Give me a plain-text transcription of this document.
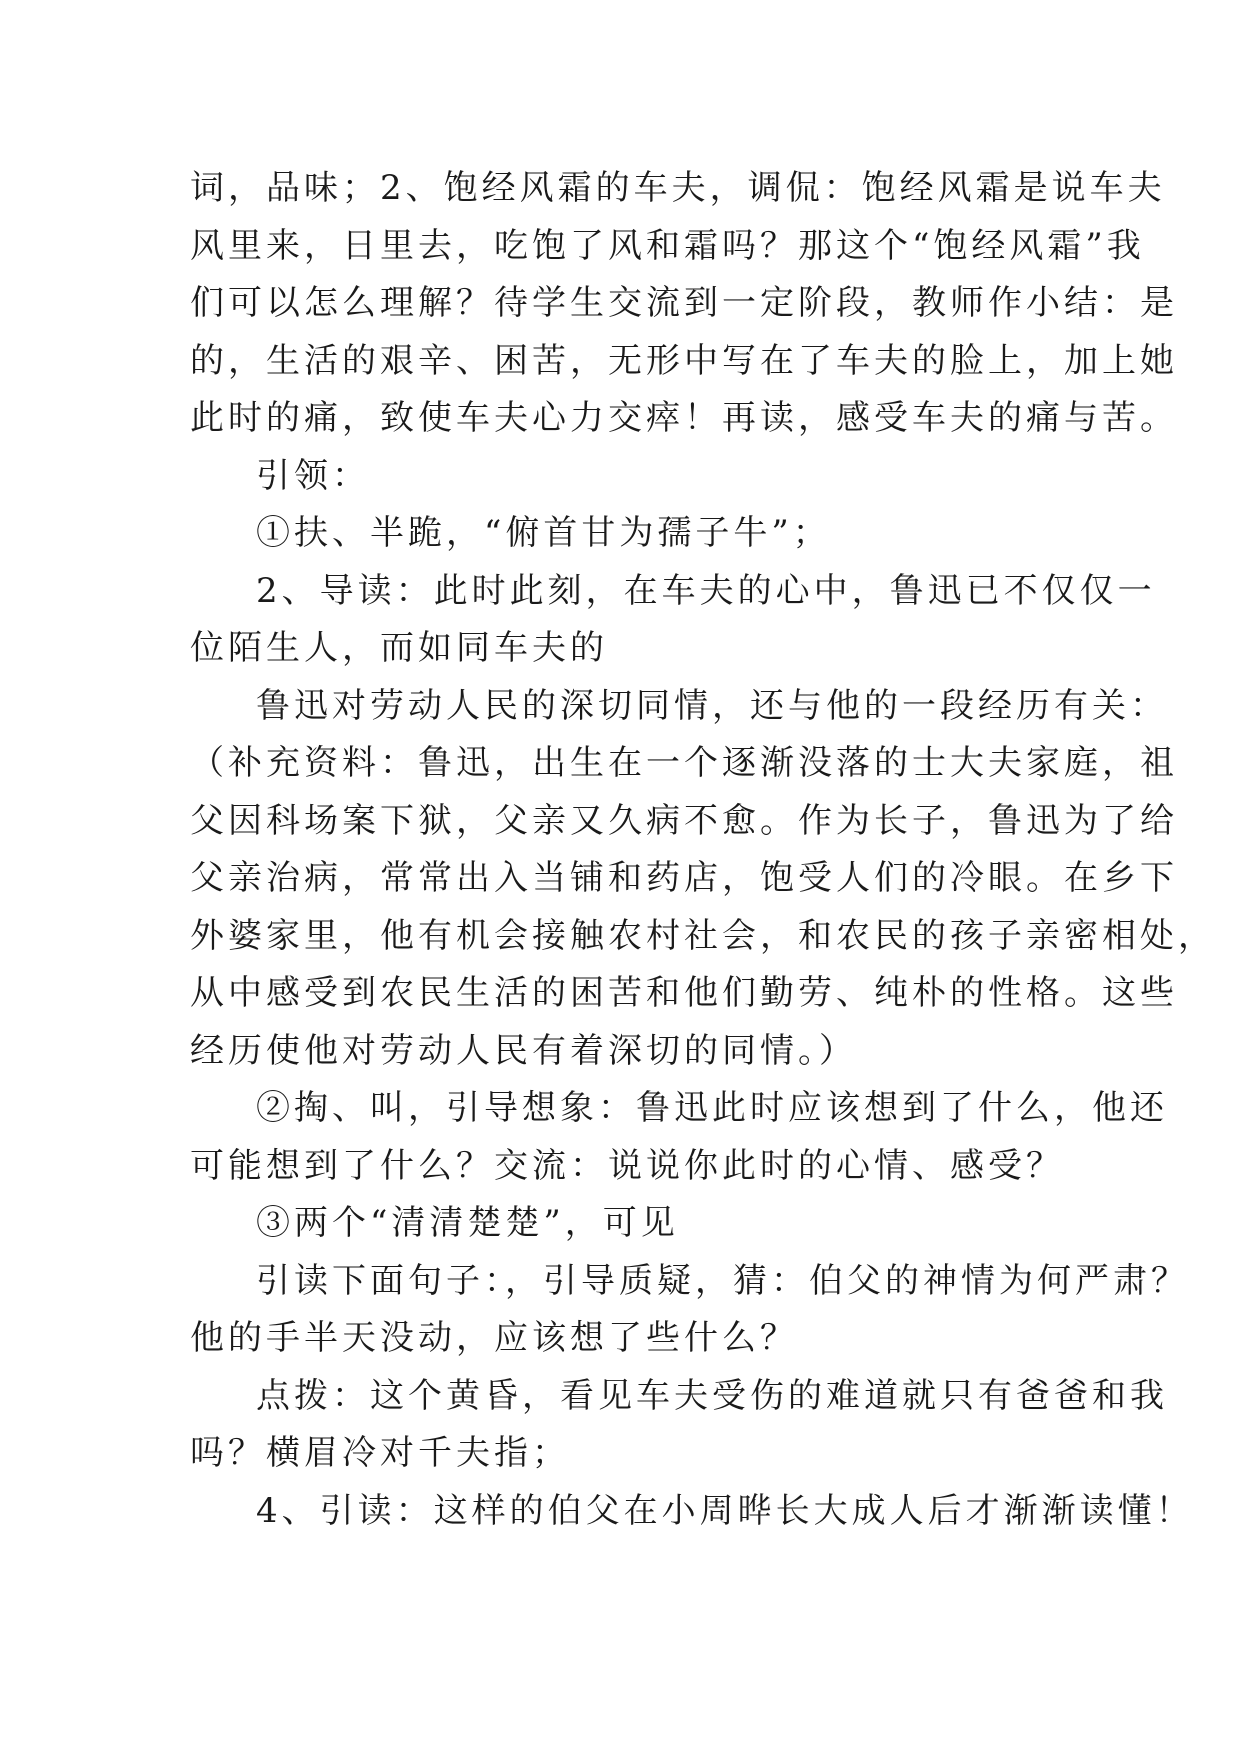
词，品味；2、饱经风霜的车夫，调侃：饱经风霜是说车夫
风里来，日里去，吃饱了风和霜吗？那这个“饱经风霜”我
们可以怎么理解？待学生交流到一定阶段，教师作小结：是
的，生活的艰辛、困苦，无形中写在了车夫的脸上，加上她
此时的痛，致使车夫心力交瘁！再读，感受车夫的痛与苦。
引领：
①扶、半跪，“俯首甘为孺子牛”；
2、导读：此时此刻，在车夫的心中，鲁迅已不仅仅一
位陌生人，而如同车夫的
鲁迅对劳动人民的深切同情，还与他的一段经历有关：
（补充资料：鲁迅，出生在一个逐渐没落的士大夫家庭，祖
父因科场案下狱，父亲又久病不愈。作为长子，鲁迅为了给
父亲治病，常常出入当铺和药店，饱受人们的冷眼。在乡下
外婆家里，他有机会接触农村社会，和农民的孩子亲密相处，
从中感受到农民生活的困苦和他们勤劳、纯朴的性格。这些
经历使他对劳动人民有着深切的同情。）
②掏、叫，引导想象：鲁迅此时应该想到了什么，他还
可能想到了什么？交流：说说你此时的心情、感受？
③两个“清清楚楚”，可见
引读下面句子：，引导质疑，猜：伯父的神情为何严肃？
他的手半天没动，应该想了些什么？
点拨：这个黄昏，看见车夫受伤的难道就只有爸爸和我
吗？横眉冷对千夫指；
4、引读：这样的伯父在小周晔长大成人后才渐渐读懂！
